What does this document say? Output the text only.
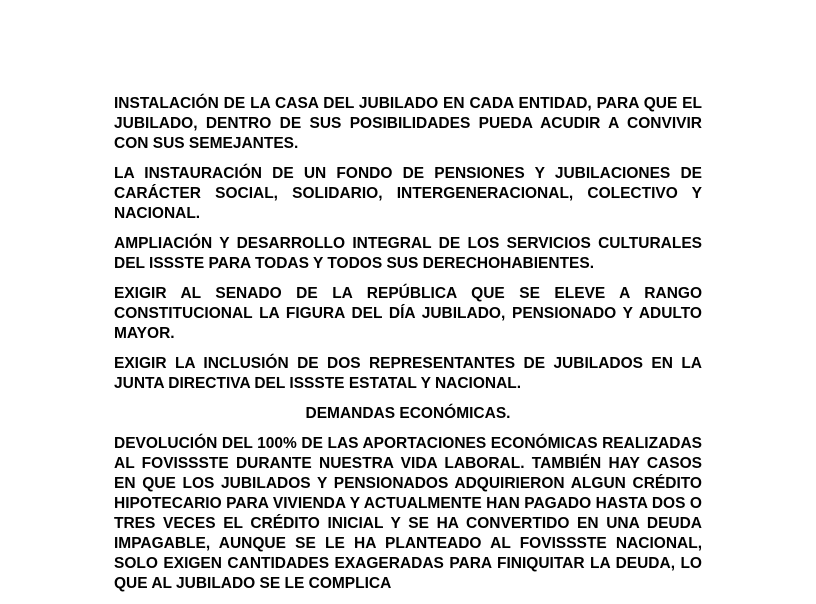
INSTALACIÓN DE LA CASA DEL JUBILADO EN CADA ENTIDAD, PARA QUE EL JUBILADO, DENTRO DE SUS POSIBILIDADES PUEDA ACUDIR A CONVIVIR CON SUS SEMEJANTES.

LA INSTAURACIÓN DE UN FONDO DE PENSIONES Y JUBILACIONES DE CARÁCTER SOCIAL, SOLIDARIO, INTERGENERACIONAL, COLECTIVO Y NACIONAL.

AMPLIACIÓN Y DESARROLLO INTEGRAL DE LOS SERVICIOS CULTURALES DEL ISSSTE PARA TODAS Y TODOS SUS DERECHOHABIENTES.

EXIGIR AL SENADO DE LA REPÚBLICA QUE SE ELEVE A RANGO CONSTITUCIONAL LA FIGURA DEL DÍA JUBILADO, PENSIONADO Y ADULTO MAYOR.

EXIGIR LA INCLUSIÓN DE DOS REPRESENTANTES DE JUBILADOS EN LA JUNTA DIRECTIVA DEL ISSSTE ESTATAL Y NACIONAL.

DEMANDAS ECONÓMICAS.

DEVOLUCIÓN DEL 100% DE LAS APORTACIONES ECONÓMICAS REALIZADAS AL FOVISSSTE DURANTE NUESTRA VIDA LABORAL. TAMBIÉN HAY CASOS EN QUE LOS JUBILADOS Y PENSIONADOS ADQUIRIERON ALGUN CRÉDITO HIPOTECARIO PARA VIVIENDA Y ACTUALMENTE HAN PAGADO HASTA DOS O TRES VECES EL CRÉDITO INICIAL Y SE HA CONVERTIDO EN UNA DEUDA IMPAGABLE, AUNQUE SE LE HA PLANTEADO AL FOVISSSTE NACIONAL, SOLO EXIGEN CANTIDADES EXAGERADAS PARA FINIQUITAR LA DEUDA, LO QUE AL JUBILADO SE LE COMPLICA
